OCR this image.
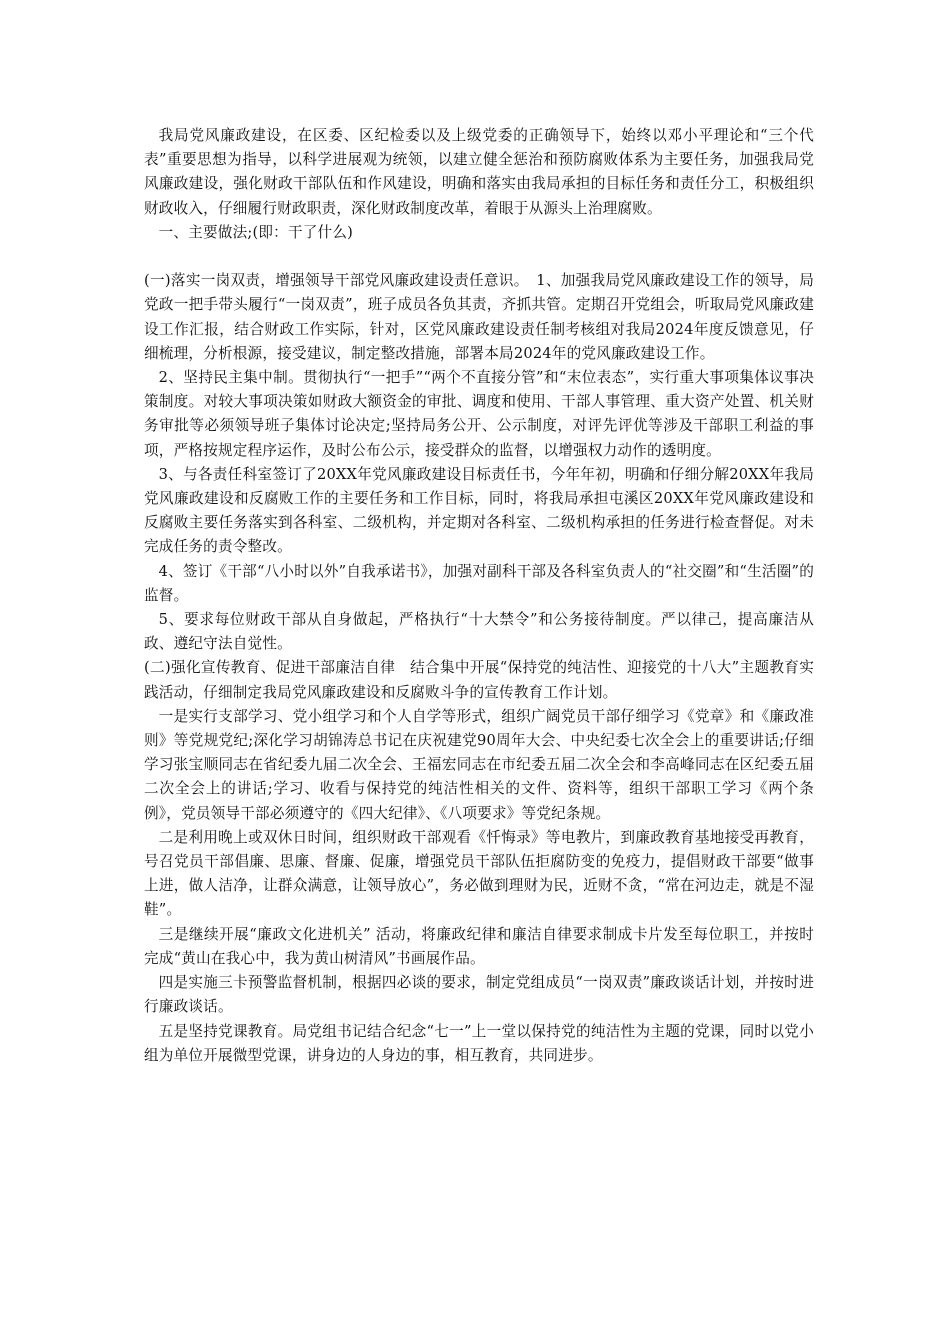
我局党风廉政建设，在区委、区纪检委以及上级党委的正确领导下，始终以邓小平理论和“三个代表”重要思想为指导，以科学进展观为统领，以建立健全惩治和预防腐败体系为主要任务，加强我局党风廉政建设，强化财政干部队伍和作风建设，明确和落实由我局承担的目标任务和责任分工，积极组织财政收入，仔细履行财政职责，深化财政制度改革，着眼于从源头上治理腐败。

一、主要做法;(即：干了什么)

(一)落实一岗双责，增强领导干部党风廉政建设责任意识。　1、加强我局党风廉政建设工作的领导，局党政一把手带头履行“一岗双责”，班子成员各负其责，齐抓共管。定期召开党组会，听取局党风廉政建设工作汇报，结合财政工作实际，针对，区党风廉政建设责任制考核组对我局2024年度反馈意见，仔细梳理，分析根源，接受建议，制定整改措施，部署本局2024年的党风廉政建设工作。

2、坚持民主集中制。贯彻执行“一把手”“两个不直接分管”和“末位表态”，实行重大事项集体议事决策制度。对较大事项决策如财政大额资金的审批、调度和使用、干部人事管理、重大资产处置、机关财务审批等必须领导班子集体讨论决定;坚持局务公开、公示制度，对评先评优等涉及干部职工利益的事项，严格按规定程序运作，及时公布公示，接受群众的监督，以增强权力动作的透明度。

3、与各责任科室签订了20XX年党风廉政建设目标责任书，今年年初，明确和仔细分解20XX年我局党风廉政建设和反腐败工作的主要任务和工作目标，同时，将我局承担屯溪区20XX年党风廉政建设和反腐败主要任务落实到各科室、二级机构，并定期对各科室、二级机构承担的任务进行检查督促。对未完成任务的责令整改。

4、签订《干部“八小时以外”自我承诺书》，加强对副科干部及各科室负责人的“社交圈”和“生活圈”的监督。

5、要求每位财政干部从自身做起，严格执行“十大禁令”和公务接待制度。严以律己，提高廉洁从政、遵纪守法自觉性。

(二)强化宣传教育、促进干部廉洁自律　结合集中开展“保持党的纯洁性、迎接党的十八大”主题教育实践活动，仔细制定我局党风廉政建设和反腐败斗争的宣传教育工作计划。

一是实行支部学习、党小组学习和个人自学等形式，组织广阔党员干部仔细学习《党章》和《廉政准则》等党规党纪;深化学习胡锦涛总书记在庆祝建党90周年大会、中央纪委七次全会上的重要讲话;仔细学习张宝顺同志在省纪委九届二次全会、王福宏同志在市纪委五届二次全会和李高峰同志在区纪委五届二次全会上的讲话;学习、收看与保持党的纯洁性相关的文件、资料等，组织干部职工学习《两个条例》，党员领导干部必须遵守的《四大纪律》、《八项要求》等党纪条规。

二是利用晚上或双休日时间，组织财政干部观看《忏悔录》等电教片，到廉政教育基地接受再教育，号召党员干部倡廉、思廉、督廉、促廉，增强党员干部队伍拒腐防变的免疫力，提倡财政干部要“做事上进，做人洁净，让群众满意，让领导放心”，务必做到理财为民，近财不贪，“常在河边走，就是不湿鞋”。

三是继续开展“廉政文化进机关” 活动，将廉政纪律和廉洁自律要求制成卡片发至每位职工，并按时完成“黄山在我心中，我为黄山树清风”书画展作品。

四是实施三卡预警监督机制，根据四必谈的要求，制定党组成员“一岗双责”廉政谈话计划，并按时进行廉政谈话。

五是坚持党课教育。局党组书记结合纪念“七一”上一堂以保持党的纯洁性为主题的党课，同时以党小组为单位开展微型党课，讲身边的人身边的事，相互教育，共同进步。
